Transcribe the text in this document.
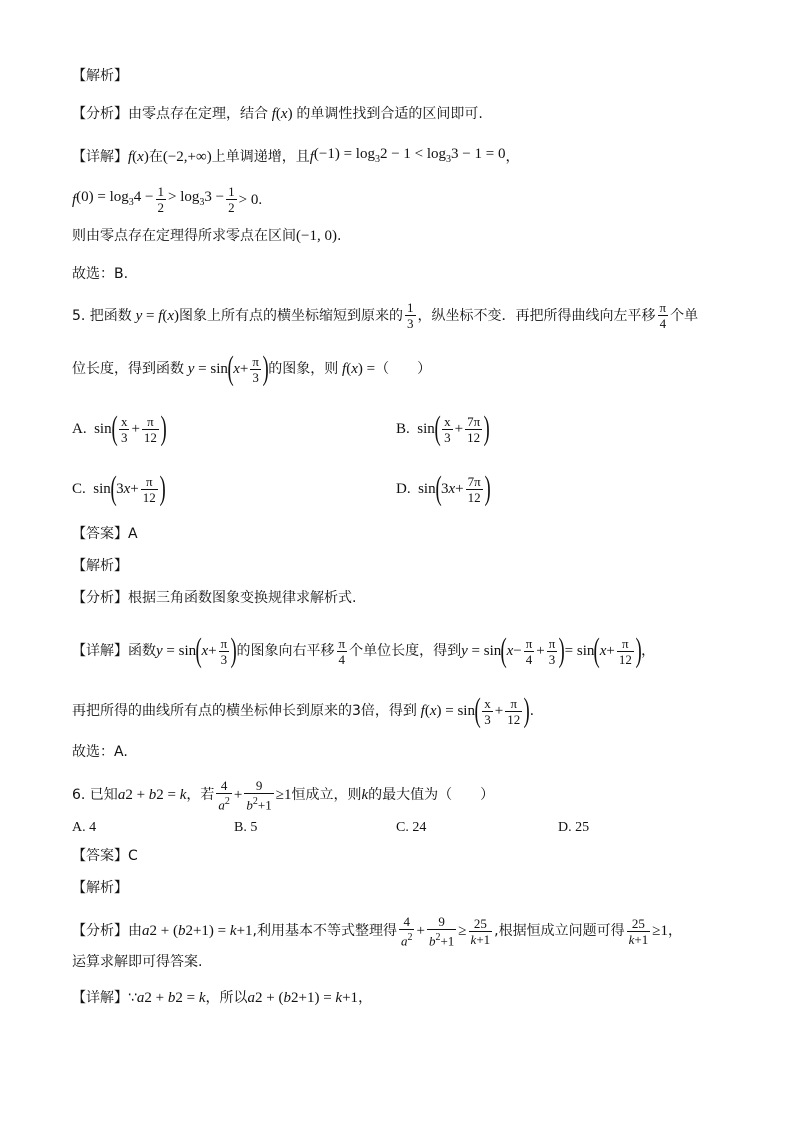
【解析】
【分析】由零点存在定理，结合 f ( x ) 的单调性找到合适的区间即可.
【详解】 f ( x ) 在 (−2,+∞) 上单调递增，且 f $(-1) = \log_32 - 1 < \log_33 - 1 = 0$ ，
f $(0) = \log_34 - \frac{1}{2} > \log_33 - \frac{1}{2} > 0$.
则由零点存在定理得所求零点在区间 (−1, 0) .
故选：B.
5. 把函数 y = f ( x ) 图象上所有点的横坐标缩短到原来的 $\frac{1}{3}$ ，纵坐标不变．再把所得曲线向左平移 $\frac{\pi}{4}$ 个单
位长度，得到函数 y = sin ( $x + \frac{\pi}{3}$ ) 的图象，则 f ( x ) = （　　）
A. sin ( $\frac{x}{3} + \frac{\pi}{12}$ )	B. sin ( $\frac{x}{3} + \frac{7\pi}{12}$ )
C. sin ( 3 $x + \frac{\pi}{12}$ )	D. sin ( 3 $x + \frac{7\pi}{12}$ )
【答案】A
【解析】
【分析】根据三角函数图象变换规律求解析式.
【详解】函数 y = sin ( $x + \frac{\pi}{3}$ ) 的图象向右平移 $\frac{\pi}{4}$ 个单位长度，得到 y = sin ( $x - \frac{\pi}{4} + \frac{\pi}{3}$ ) = sin ( $x + \frac{\pi}{12}$ ) ，
再把所得的曲线所有点的横坐标伸长到原来的3倍，得到 f ( x ) = sin ( $\frac{x}{3} + \frac{\pi}{12}$ ) .
故选：A.
6. 已知 a 2 + b 2 = k ，若 $\frac{4}{a^2} + \frac{9}{b^2+1} \ge 1$ 恒成立，则 k 的最大值为（　　）
A. 4	B. 5	C. 24	D. 25
【答案】C
【解析】
【分析】由 a 2 + ( b 2 +1) = k +1 ,利用基本不等式整理得 $\frac{4}{a^2} + \frac{9}{b^2+1} \ge \frac{25}{k+1}$ ,根据恒成立问题可得 $\frac{25}{k+1} \ge 1$ ，
运算求解即可得答案.
【详解】∵ a 2 + b 2 = k ，所以 a 2 + ( b 2 +1) = k +1 ，
